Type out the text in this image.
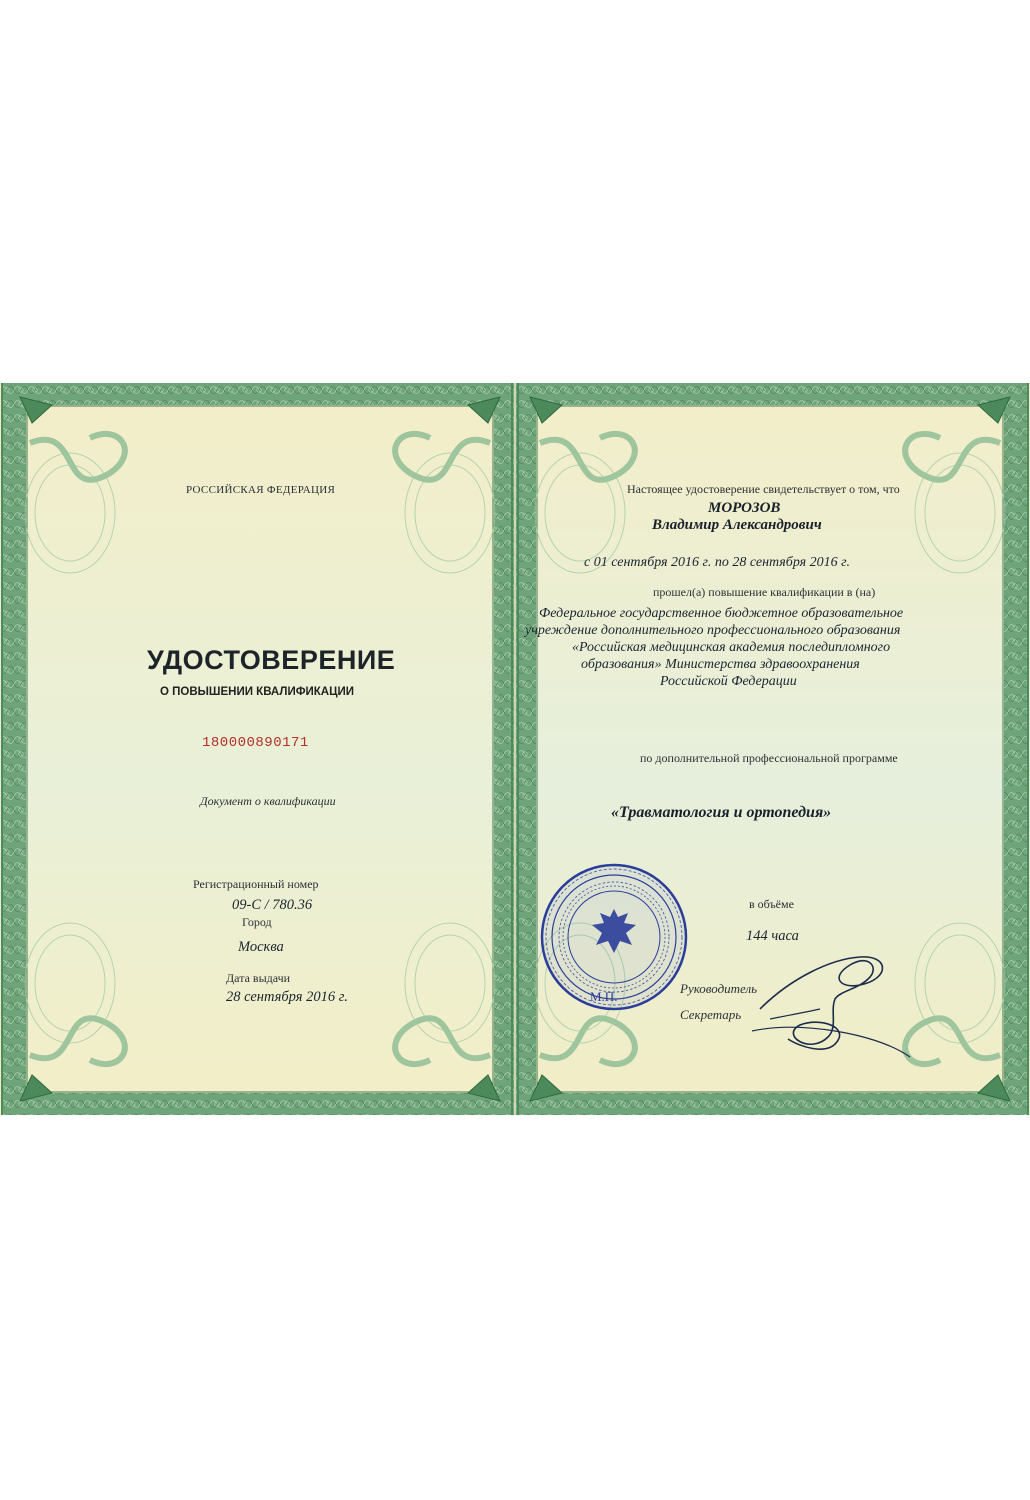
РОССИЙСКАЯ ФЕДЕРАЦИЯ
УДОСТОВЕРЕНИЕ
О ПОВЫШЕНИИ КВАЛИФИКАЦИИ
180000890171
Документ о квалификации
Регистрационный номер
09-С / 780.36
Город
Москва
Дата выдачи
28 сентября 2016 г.
Настоящее удостоверение свидетельствует о том, что
МОРОЗОВ
Владимир Александрович
с 01 сентября 2016 г. по 28 сентября 2016 г.
прошел(а) повышение квалификации в (на)
Федеральное государственное бюджетное образовательное
учреждение дополнительного профессионального образования
«Российская медицинская академия последипломного
образования» Министерства здравоохранения
Российской Федерации
по дополнительной профессиональной программе
«Травматология и ортопедия»
в объёме
144 часа
М.П.
Руководитель
Секретарь
